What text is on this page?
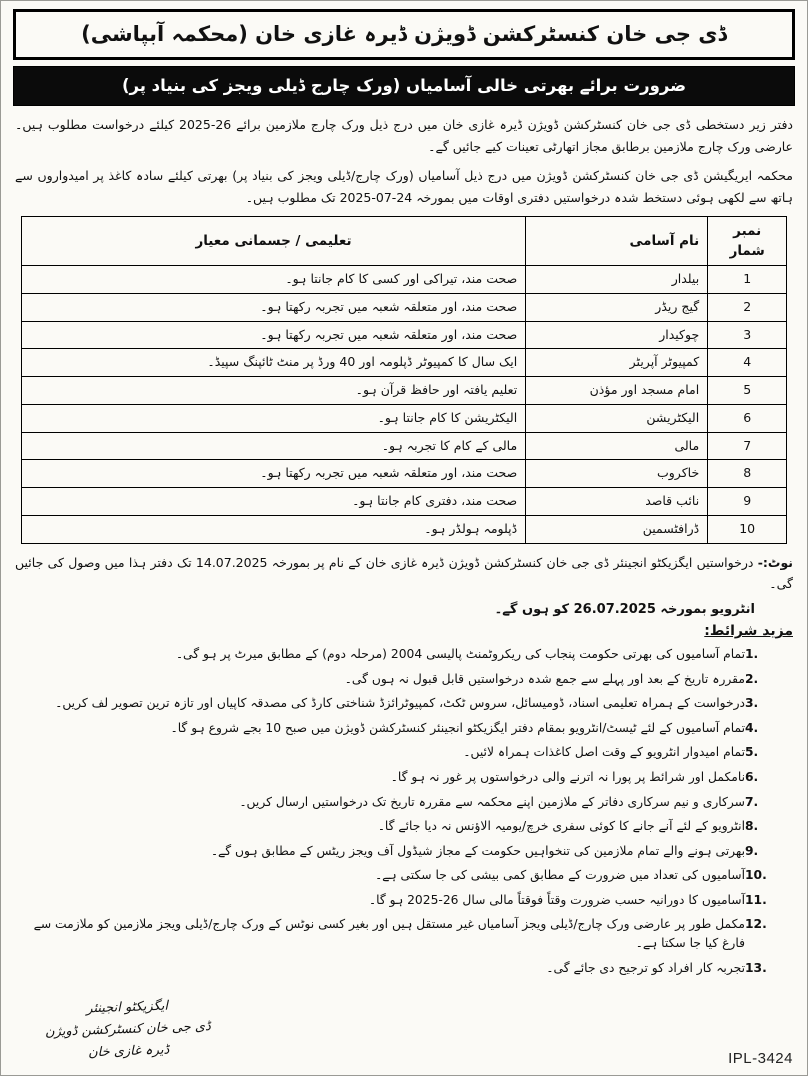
ڈی جی خان کنسٹرکشن ڈویژن ڈیرہ غازی خان (محکمہ آبپاشی)
ضرورت برائے بھرتی خالی آسامیاں (ورک چارج ڈیلی ویجز کی بنیاد پر)

دفتر زیر دستخطی ڈی جی خان کنسٹرکشن ڈویژن ڈیرہ غازی خان میں درج ذیل ورک چارج ملازمین برائے 26-2025 کیلئے درخواست مطلوب ہیں۔ عارضی ورک چارج ملازمین برطابق مجاز اتھارٹی تعینات کیے جائیں گے۔

محکمہ ایریگیشن ڈی جی خان کنسٹرکشن ڈویژن میں درج ذیل آسامیاں (ورک چارج/ڈیلی ویجز کی بنیاد پر) بھرتی کیلئے سادہ کاغذ پر امیدواروں سے ہاتھ سے لکھی ہوئی دستخط شدہ درخواستیں دفتری اوقات میں بمورخہ 24-07-2025 تک مطلوب ہیں۔

نمبر شمار	نام آسامی	تعلیمی / جسمانی معیار
1	بیلدار	صحت مند، تیراکی اور کسی کا کام جانتا ہو۔
2	گیج ریڈر	صحت مند، اور متعلقہ شعبہ میں تجربہ رکھتا ہو۔
3	چوکیدار	صحت مند، اور متعلقہ شعبہ میں تجربہ رکھتا ہو۔
4	کمپیوٹر آپریٹر	ایک سال کا کمپیوٹر ڈپلومہ اور 40 ورڈ پر منٹ ٹائپنگ سپیڈ۔
5	امام مسجد اور مؤذن	تعلیم یافتہ اور حافظ قرآن ہو۔
6	الیکٹریشن	الیکٹریشن کا کام جانتا ہو۔
7	مالی	مالی کے کام کا تجربہ ہو۔
8	خاکروب	صحت مند، اور متعلقہ شعبہ میں تجربہ رکھتا ہو۔
9	نائب قاصد	صحت مند، دفتری کام جانتا ہو۔
10	ڈرافٹسمین	ڈپلومہ ہولڈر ہو۔
نوٹ:- درخواستیں ایگزیکٹو انجینئر ڈی جی خان کنسٹرکشن ڈویژن ڈیرہ غازی خان کے نام پر بمورخہ 14.07.2025 تک دفتر ہذا میں وصول کی جائیں گی۔
انٹرویو بمورخہ 26.07.2025 کو ہوں گے۔
مزید شرائط:
1.
تمام آسامیوں کی بھرتی حکومت پنجاب کی ریکروٹمنٹ پالیسی 2004 (مرحلہ دوم) کے مطابق میرٹ پر ہو گی۔
2.
مقررہ تاریخ کے بعد اور پہلے سے جمع شدہ درخواستیں قابل قبول نہ ہوں گی۔
3.
درخواست کے ہمراہ تعلیمی اسناد، ڈومیسائل، سروس ٹکٹ، کمپیوٹرائزڈ شناختی کارڈ کی مصدقہ کاپیاں اور تازہ ترین تصویر لف کریں۔
4.
تمام آسامیوں کے لئے ٹیسٹ/انٹرویو بمقام دفتر ایگزیکٹو انجینئر کنسٹرکشن ڈویژن میں صبح 10 بجے شروع ہو گا۔
5.
تمام امیدوار انٹرویو کے وقت اصل کاغذات ہمراہ لائیں۔
6.
نامکمل اور شرائط پر پورا نہ اترنے والی درخواستوں پر غور نہ ہو گا۔
7.
سرکاری و نیم سرکاری دفاتر کے ملازمین اپنے محکمہ سے مقررہ تاریخ تک درخواستیں ارسال کریں۔
8.
انٹرویو کے لئے آنے جانے کا کوئی سفری خرچ/یومیہ الاؤنس نہ دیا جائے گا۔
9.
بھرتی ہونے والے تمام ملازمین کی تنخواہیں حکومت کے مجاز شیڈول آف ویجز ریٹس کے مطابق ہوں گے۔
10.
آسامیوں کی تعداد میں ضرورت کے مطابق کمی بیشی کی جا سکتی ہے۔
11.
آسامیوں کا دورانیہ حسب ضرورت وقتاً فوقتاً مالی سال 26-2025 ہو گا۔
12.
مکمل طور پر عارضی ورک چارج/ڈیلی ویجز آسامیاں غیر مستقل ہیں اور بغیر کسی نوٹس کے ورک چارج/ڈیلی ویجز ملازمین کو ملازمت سے فارغ کیا جا سکتا ہے۔
13.
تجربہ کار افراد کو ترجیح دی جائے گی۔
ایگزیکٹو انجینئر
ڈی جی خان کنسٹرکشن ڈویژن
ڈیرہ غازی خان	IPL-3424
